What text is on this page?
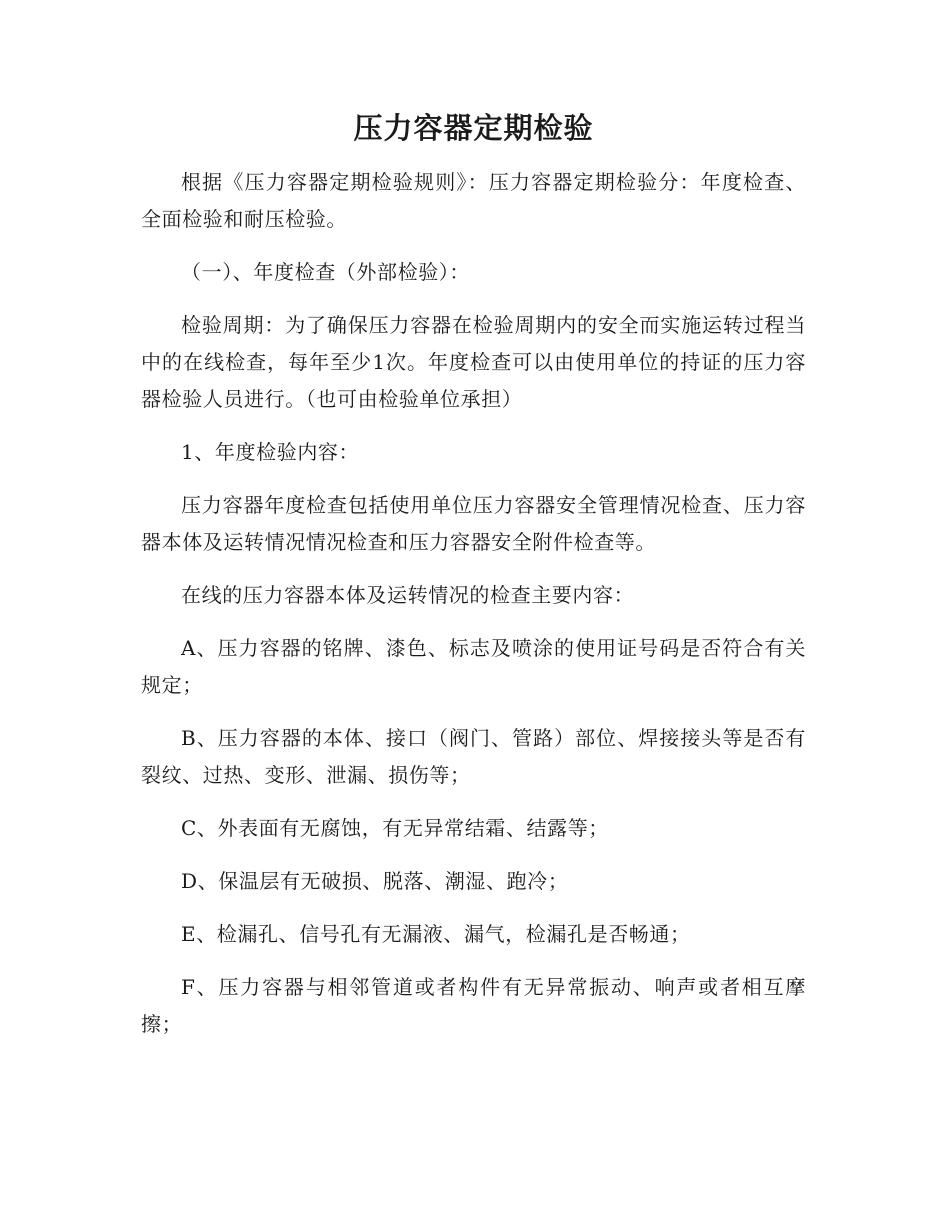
压力容器定期检验

根据《压力容器定期检验规则》：压力容器定期检验分：年度检查、全面检验和耐压检验。

（一）、年度检查（外部检验）：

检验周期：为了确保压力容器在检验周期内的安全而实施运转过程当中的在线检查，每年至少1次。年度检查可以由使用单位的持证的压力容器检验人员进行。（也可由检验单位承担）

1、年度检验内容：

压力容器年度检查包括使用单位压力容器安全管理情况检查、压力容器本体及运转情况情况检查和压力容器安全附件检查等。

在线的压力容器本体及运转情况的检查主要内容：

A、压力容器的铭牌、漆色、标志及喷涂的使用证号码是否符合有关规定；

B、压力容器的本体、接口（阀门、管路）部位、焊接接头等是否有裂纹、过热、变形、泄漏、损伤等；

C、外表面有无腐蚀，有无异常结霜、结露等；

D、保温层有无破损、脱落、潮湿、跑冷；

E、检漏孔、信号孔有无漏液、漏气，检漏孔是否畅通；

F、压力容器与相邻管道或者构件有无异常振动、响声或者相互摩擦；
